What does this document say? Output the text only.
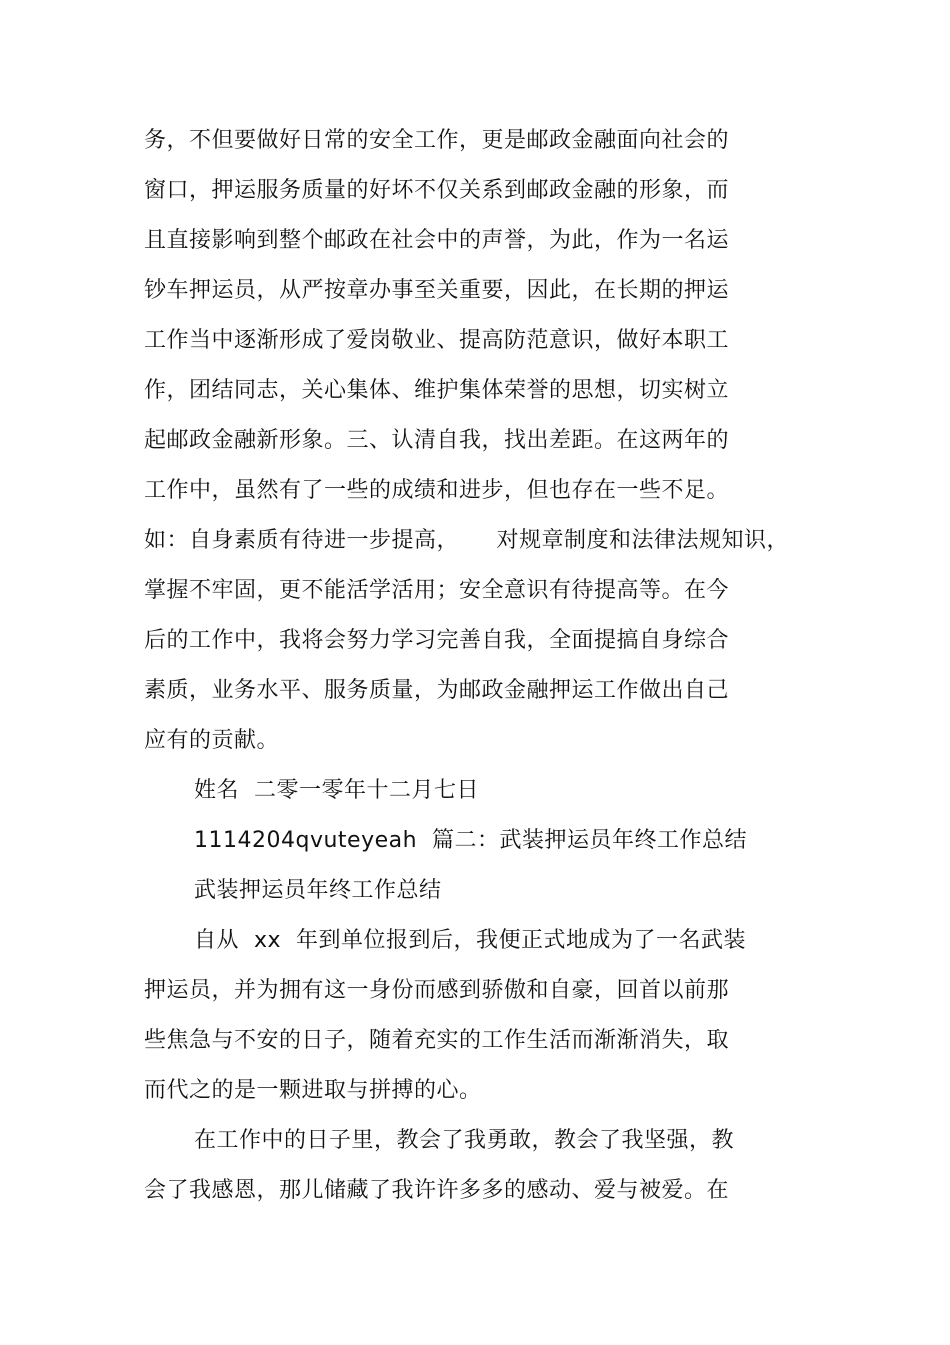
务，不但要做好日常的安全工作，更是邮政金融面向社会的
窗口，押运服务质量的好坏不仅关系到邮政金融的形象，而
且直接影响到整个邮政在社会中的声誉，为此，作为一名运
钞车押运员，从严按章办事至关重要，因此，在长期的押运
工作当中逐渐形成了爱岗敬业、提高防范意识，做好本职工
作，团结同志，关心集体、维护集体荣誉的思想，切实树立
起邮政金融新形象。三、认清自我，找出差距。在这两年的
工作中，虽然有了一些的成绩和进步，但也存在一些不足。
如：自身素质有待进一步提高，     对规章制度和法律法规知识，
掌握不牢固，更不能活学活用；安全意识有待提高等。在今
后的工作中，我将会努力学习完善自我，全面提搞自身综合
素质，业务水平、服务质量，为邮政金融押运工作做出自己
应有的贡献。
姓名  二零一零年十二月七日
1114204qvuteyeah  篇二：武装押运员年终工作总结
武装押运员年终工作总结
自从  xx  年到单位报到后，我便正式地成为了一名武装
押运员，并为拥有这一身份而感到骄傲和自豪，回首以前那
些焦急与不安的日子，随着充实的工作生活而渐渐消失，取
而代之的是一颗进取与拼搏的心。
在工作中的日子里，教会了我勇敢，教会了我坚强，教
会了我感恩，那儿储藏了我许许多多的感动、爱与被爱。在
